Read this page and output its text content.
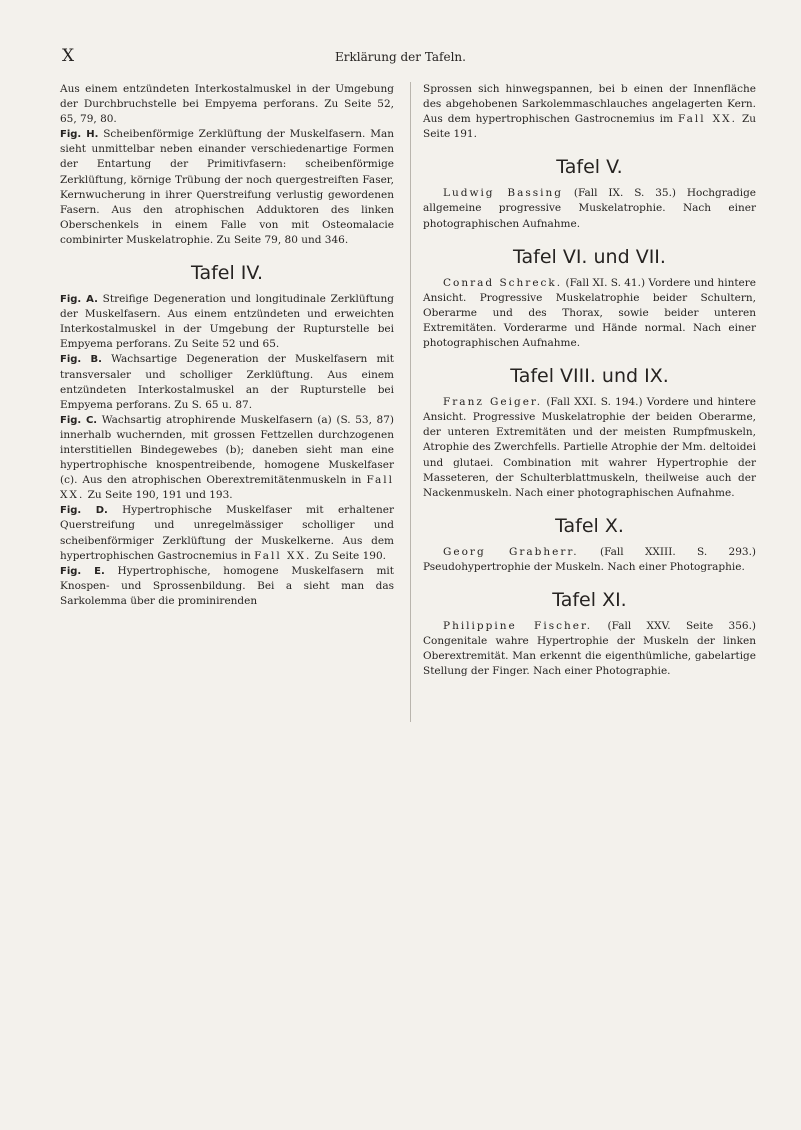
X	Erklärung der Tafeln.

Aus einem entzündeten Interkostalmuskel in der Umgebung der Durchbruchstelle bei Empyema perforans. Zu Seite 52, 65, 79, 80.

Fig. H. Scheibenförmige Zerklüftung der Muskelfasern. Man sieht unmittelbar neben einander verschiedenartige Formen der Entartung der Primitivfasern: scheibenförmige Zerklüftung, körnige Trübung der noch quergestreiften Faser, Kernwucherung in ihrer Querstreifung verlustig gewordenen Fasern. Aus den atrophischen Adduktoren des linken Oberschenkels in einem Falle von mit Osteomalacie combinirter Muskelatrophie. Zu Seite 79, 80 und 346.

Tafel IV.

Fig. A. Streifige Degeneration und longitudinale Zerklüftung der Muskelfasern. Aus einem entzündeten und erweichten Interkostalmuskel in der Umgebung der Rupturstelle bei Empyema perforans. Zu Seite 52 und 65.

Fig. B. Wachsartige Degeneration der Muskelfasern mit transversaler und scholliger Zerklüftung. Aus einem entzündeten Interkostalmuskel an der Rupturstelle bei Empyema perforans. Zu S. 65 u. 87.

Fig. C. Wachsartig atrophirende Muskelfasern (a) (S. 53, 87) innerhalb wuchernden, mit grossen Fettzellen durchzogenen interstitiellen Bindegewebes (b); daneben sieht man eine hypertrophische knospentreibende, homogene Muskelfaser (c). Aus den atrophischen Oberextremitätenmuskeln in Fall XX. Zu Seite 190, 191 und 193.

Fig. D. Hypertrophische Muskelfaser mit erhaltener Querstreifung und unregelmässiger scholliger und scheibenförmiger Zerklüftung der Muskelkerne. Aus dem hypertrophischen Gastrocnemius in Fall XX. Zu Seite 190.

Fig. E. Hypertrophische, homogene Muskelfasern mit Knospen- und Sprossenbildung. Bei a sieht man das Sarkolemma über die prominirenden

Sprossen sich hinwegspannen, bei b einen der Innenfläche des abgehobenen Sarkolemmaschlauches angelagerten Kern. Aus dem hypertrophischen Gastrocnemius im Fall XX. Zu Seite 191.

Tafel V.

Ludwig Bassing (Fall IX. S. 35.) Hochgradige allgemeine progressive Muskelatrophie. Nach einer photographischen Aufnahme.

Tafel VI. und VII.

Conrad Schreck. (Fall XI. S. 41.) Vordere und hintere Ansicht. Progressive Muskelatrophie beider Schultern, Oberarme und des Thorax, sowie beider unteren Extremitäten. Vorderarme und Hände normal. Nach einer photographischen Aufnahme.

Tafel VIII. und IX.

Franz Geiger. (Fall XXI. S. 194.) Vordere und hintere Ansicht. Progressive Muskelatrophie der beiden Oberarme, der unteren Extremitäten und der meisten Rumpfmuskeln, Atrophie des Zwerchfells. Partielle Atrophie der Mm. deltoidei und glutaei. Combination mit wahrer Hypertrophie der Masseteren, der Schulterblattmuskeln, theilweise auch der Nackenmuskeln. Nach einer photographischen Aufnahme.

Tafel X.

Georg Grabherr. (Fall XXIII. S. 293.) Pseudohypertrophie der Muskeln. Nach einer Photographie.

Tafel XI.

Philippine Fischer. (Fall XXV. Seite 356.) Congenitale wahre Hypertrophie der Muskeln der linken Oberextremität. Man erkennt die eigenthümliche, gabelartige Stellung der Finger. Nach einer Photographie.
